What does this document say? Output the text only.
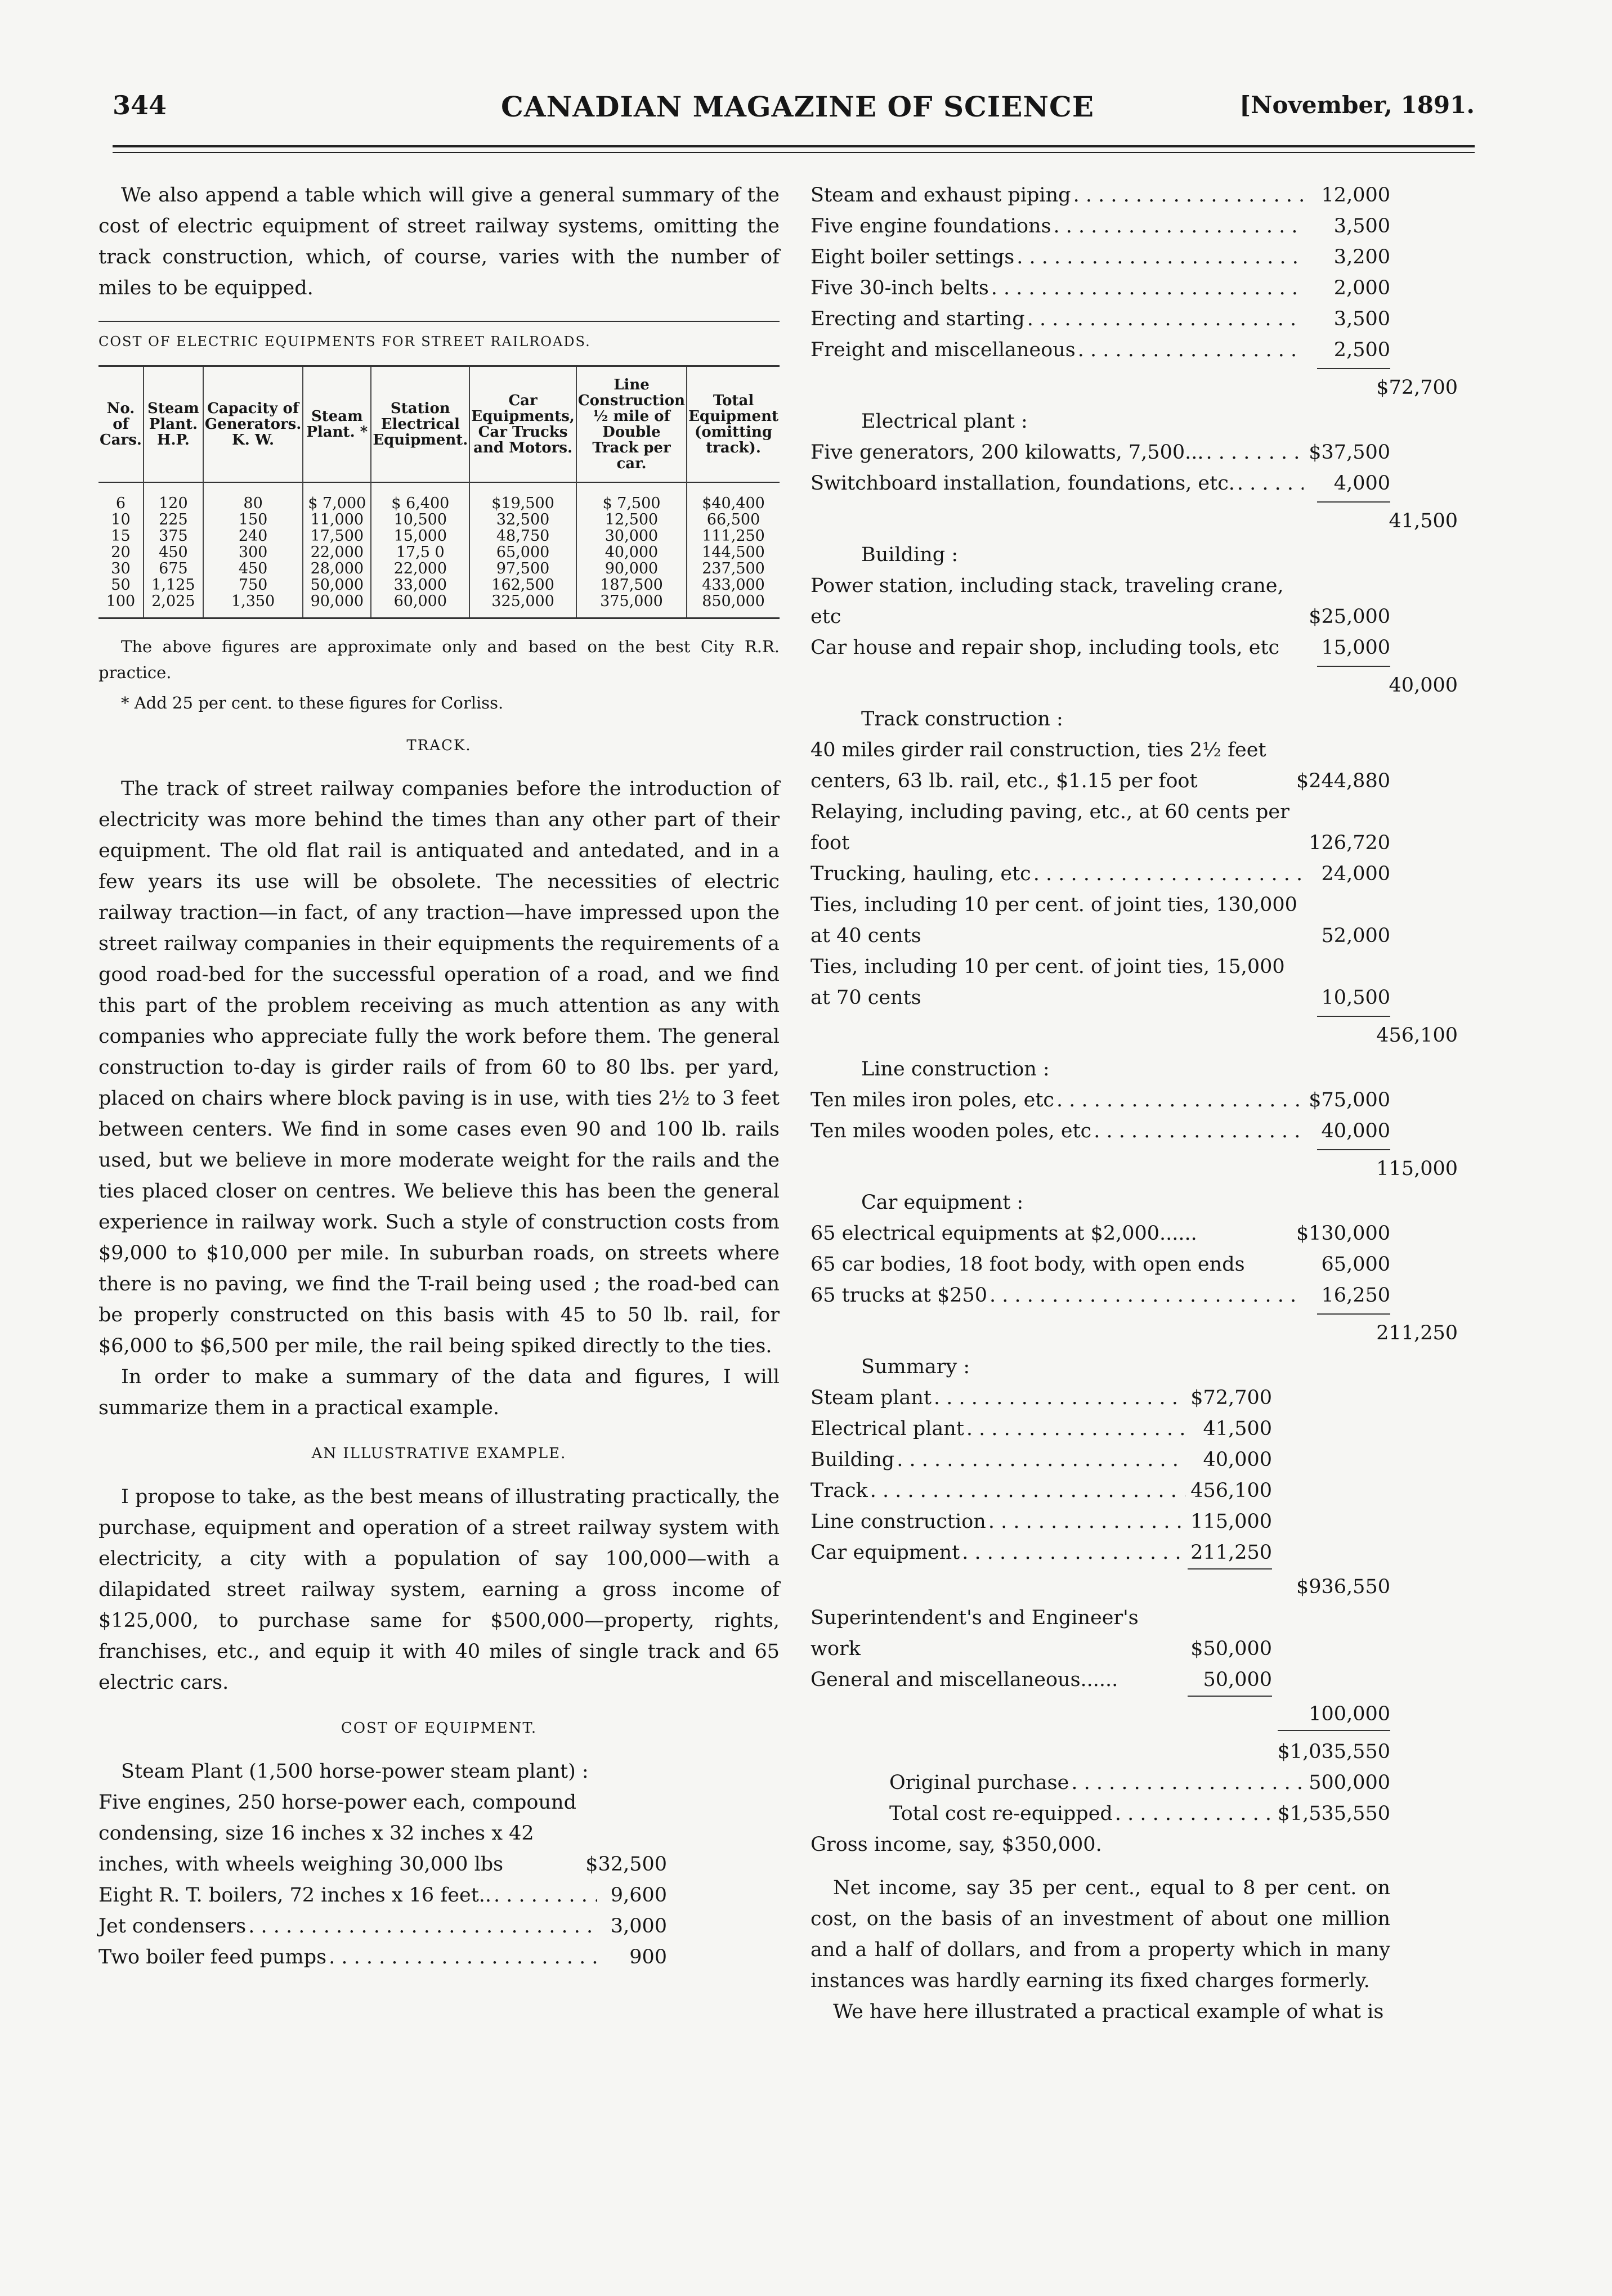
344	CANADIAN MAGAZINE OF SCIENCE	[November, 1891.

We also append a table which will give a general summary of the cost of electric equipment of street railway systems, omitting the track construction, which, of course, varies with the number of miles to be equipped.

COST OF ELECTRIC EQUIPMENTS FOR STREET RAILROADS.
No. of Cars.	Steam Plant. H.P.	Capacity of Generators. K. W.	Steam Plant. *	Station Electrical Equipment.	Car Equipments, Car Trucks and Motors.	Line Construction ½ mile of Double Track per car.	Total Equipment (omitting track).
6	120	80	$ 7,000	$ 6,400	$19,500	$ 7,500	$40,400
10	225	150	11,000	10,500	32,500	12,500	66,500
15	375	240	17,500	15,000	48,750	30,000	111,250
20	450	300	22,000	17,5 0	65,000	40,000	144,500
30	675	450	28,000	22,000	97,500	90,000	237,500
50	1,125	750	50,000	33,000	162,500	187,500	433,000
100	2,025	1,350	90,000	60,000	325,000	375,000	850,000

The above figures are approximate only and based on the best City R.R. practice.

* Add 25 per cent. to these figures for Corliss.

TRACK.

The track of street railway companies before the introduction of electricity was more behind the times than any other part of their equipment. The old flat rail is antiquated and antedated, and in a few years its use will be obsolete. The necessities of electric railway traction—in fact, of any traction—have impressed upon the street railway companies in their equipments the requirements of a good road-bed for the successful operation of a road, and we find this part of the problem receiving as much attention as any with companies who appreciate fully the work before them. The general construction to-day is girder rails of from 60 to 80 lbs. per yard, placed on chairs where block paving is in use, with ties 2½ to 3 feet between centers. We find in some cases even 90 and 100 lb. rails used, but we believe in more moderate weight for the rails and the ties placed closer on centres. We believe this has been the general experience in railway work. Such a style of construction costs from $9,000 to $10,000 per mile. In suburban roads, on streets where there is no paving, we find the T-rail being used ; the road-bed can be properly constructed on this basis with 45 to 50 lb. rail, for $6,000 to $6,500 per mile, the rail being spiked directly to the ties.

In order to make a summary of the data and figures, I will summarize them in a practical example.

AN ILLUSTRATIVE EXAMPLE.

I propose to take, as the best means of illustrating practically, the purchase, equipment and operation of a street railway system with electricity, a city with a population of say 100,000—with a dilapidated street railway system, earning a gross income of $125,000, to purchase same for $500,000—property, rights, franchises, etc., and equip it with 40 miles of single track and 65 electric cars.

COST OF EQUIPMENT.
Steam Plant (1,500 horse-power steam plant) :
Five engines, 250 horse-power each, compound condensing, size 16 inches x 32 inches x 42 inches, with wheels weighing 30,000 lbs	$32,500
Eight R. T. boilers, 72 inches x 16 feet.. . . .	9,600
Jet condensers . . .	3,000
Two boiler feed pumps . . .	900
Steam and exhaust piping . . .	12,000
Five engine foundations . . .	3,500
Eight boiler settings . . .	3,200
Five 30-inch belts . . .	2,000
Erecting and starting . . .	3,500
Freight and miscellaneous . . .	2,500
$72,700
Electrical plant :
Five generators, 200 kilowatts, 7,500... . . .	$37,500
Switchboard installation, foundations, etc. . . .	4,000
41,500
Building :
Power station, including stack, traveling crane, etc	$25,000
Car house and repair shop, including tools, etc	15,000
40,000
Track construction :
40 miles girder rail construction, ties 2½ feet centers, 63 lb. rail, etc., $1.15 per foot	$244,880
Relaying, including paving, etc., at 60 cents per foot	126,720
Trucking, hauling, etc . . .	24,000
Ties, including 10 per cent. of joint ties, 130,000 at 40 cents	52,000
Ties, including 10 per cent. of joint ties, 15,000 at 70 cents	10,500
456,100
Line construction :
Ten miles iron poles, etc . . .	$75,000
Ten miles wooden poles, etc . . .	40,000
115,000
Car equipment :
65 electrical equipments at $2,000......	$130,000
65 car bodies, 18 foot body, with open ends	65,000
65 trucks at $250 . . .	16,250
211,250
Summary :
Steam plant . . .	$72,700
Electrical plant . . .	41,500
Building . . .	40,000
Track . . .	456,100
Line construction . . .	115,000
Car equipment . . .	211,250
$936,550
Superintendent's and Engineer's work	$50,000
General and miscellaneous......	50,000
100,000
$1,035,550
Original purchase . . .	500,000
Total cost re-equipped . . .	$1,535,550
Gross income, say, $350,000.

Net income, say 35 per cent., equal to 8 per cent. on cost, on the basis of an investment of about one million and a half of dollars, and from a property which in many instances was hardly earning its fixed charges formerly.

We have here illustrated a practical example of what is
